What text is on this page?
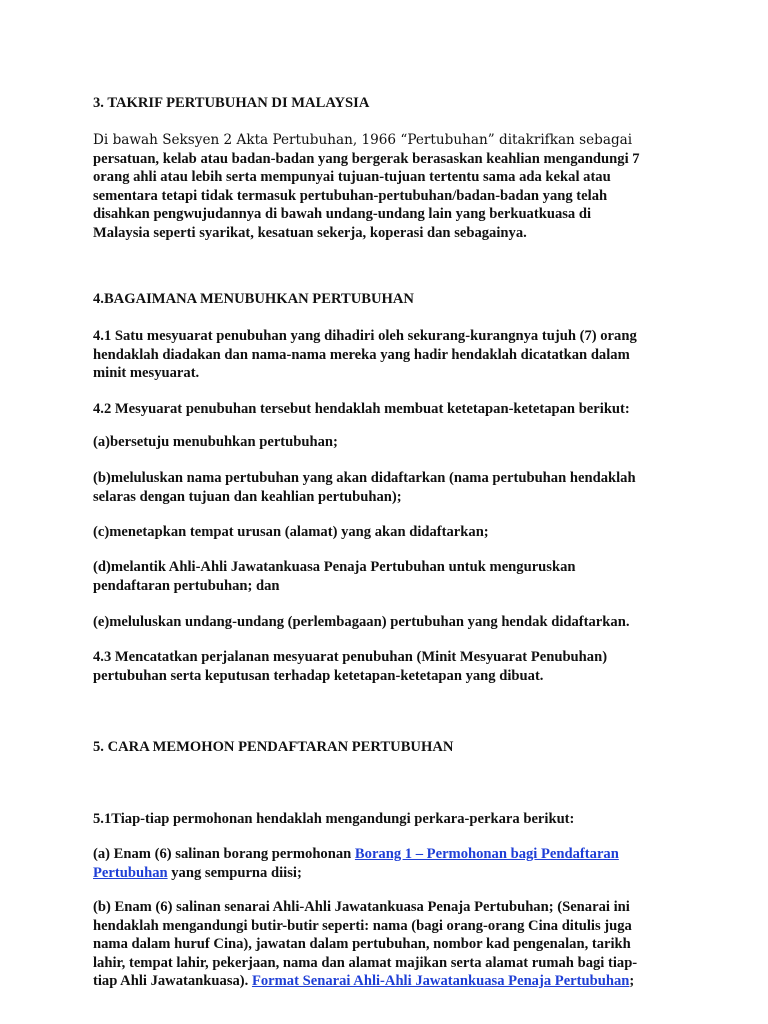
3. TAKRIF PERTUBUHAN DI MALAYSIA

Di bawah Seksyen 2 Akta Pertubuhan, 1966 “Pertubuhan” ditakrifkan sebagai
persatuan, kelab atau badan-badan yang bergerak berasaskan keahlian mengandungi 7
orang ahli atau lebih serta mempunyai tujuan-tujuan tertentu sama ada kekal atau
sementara tetapi tidak termasuk pertubuhan-pertubuhan/badan-badan yang telah
disahkan pengwujudannya di bawah undang-undang lain yang berkuatkuasa di
Malaysia seperti syarikat, kesatuan sekerja, koperasi dan sebagainya.

4.BAGAIMANA MENUBUHKAN PERTUBUHAN

4.1 Satu mesyuarat penubuhan yang dihadiri oleh sekurang-kurangnya tujuh (7) orang
hendaklah diadakan dan nama-nama mereka yang hadir hendaklah dicatatkan dalam
minit mesyuarat.

4.2 Mesyuarat penubuhan tersebut hendaklah membuat ketetapan-ketetapan berikut:

(a)bersetuju menubuhkan pertubuhan;

(b)meluluskan nama pertubuhan yang akan didaftarkan (nama pertubuhan hendaklah
selaras dengan tujuan dan keahlian pertubuhan);

(c)menetapkan tempat urusan (alamat) yang akan didaftarkan;

(d)melantik Ahli-Ahli Jawatankuasa Penaja Pertubuhan untuk menguruskan
pendaftaran pertubuhan; dan

(e)meluluskan undang-undang (perlembagaan) pertubuhan yang hendak didaftarkan.

4.3 Mencatatkan perjalanan mesyuarat penubuhan (Minit Mesyuarat Penubuhan)
pertubuhan serta keputusan terhadap ketetapan-ketetapan yang dibuat.

5. CARA MEMOHON PENDAFTARAN PERTUBUHAN

5.1Tiap-tiap permohonan hendaklah mengandungi perkara-perkara berikut:

(a) Enam (6) salinan borang permohonan Borang 1 – Permohonan bagi Pendaftaran
Pertubuhan yang sempurna diisi;

(b) Enam (6) salinan senarai Ahli-Ahli Jawatankuasa Penaja Pertubuhan; (Senarai ini
hendaklah mengandungi butir-butir seperti: nama (bagi orang-orang Cina ditulis juga
nama dalam huruf Cina), jawatan dalam pertubuhan, nombor kad pengenalan, tarikh
lahir, tempat lahir, pekerjaan, nama dan alamat majikan serta alamat rumah bagi tiap-
tiap Ahli Jawatankuasa). Format Senarai Ahli-Ahli Jawatankuasa Penaja Pertubuhan;
